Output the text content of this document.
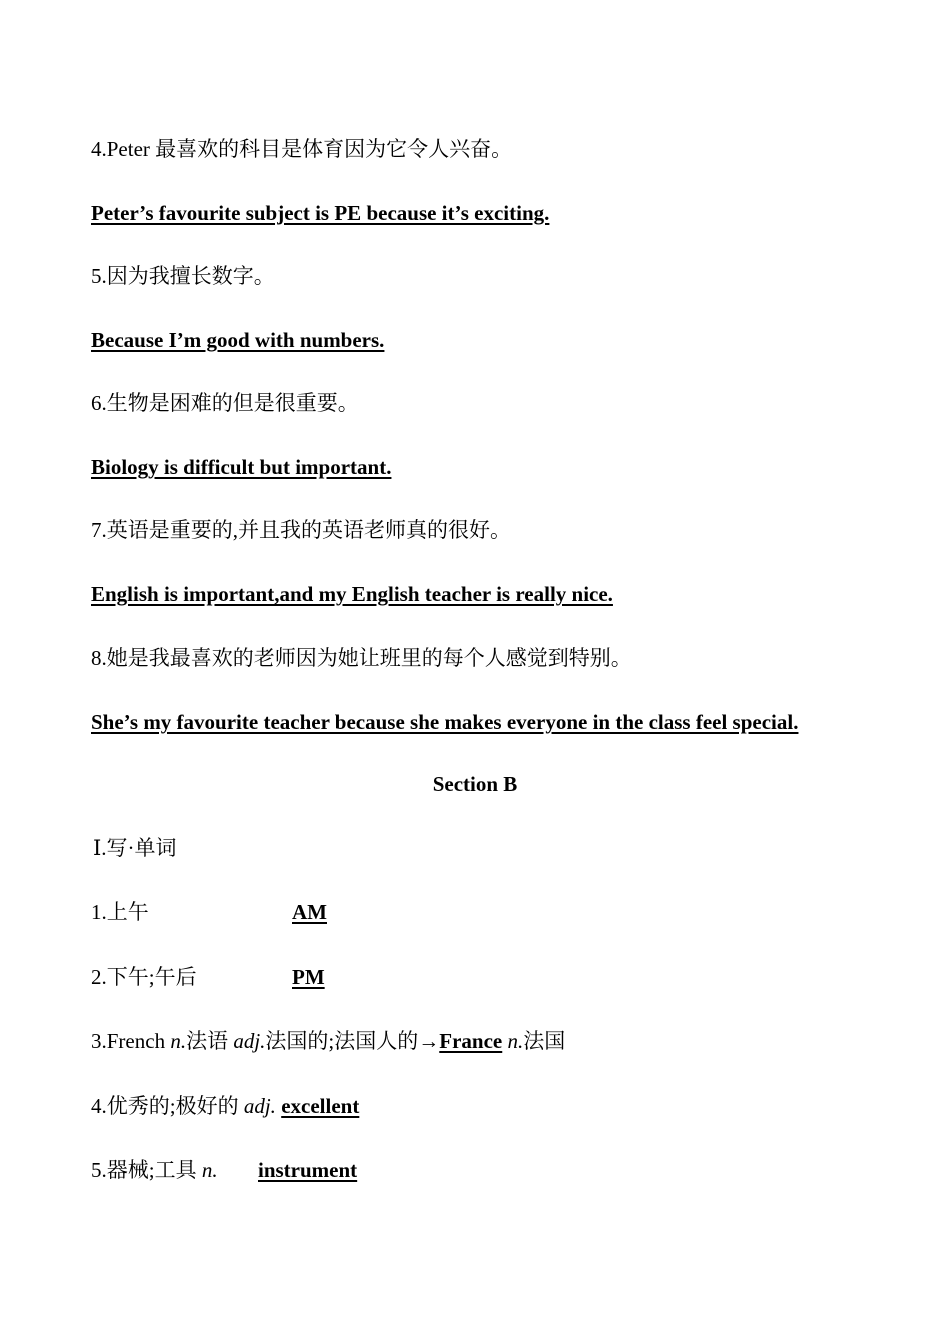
4.Peter 最喜欢的科目是体育因为它令人兴奋。
Peter’s favourite subject is PE because it’s exciting.
5.因为我擅长数字。
Because I’m good with numbers.
6.生物是困难的但是很重要。
Biology is difficult but important.
7.英语是重要的,并且我的英语老师真的很好。
English is important,and my English teacher is really nice.
8.她是我最喜欢的老师因为她让班里的每个人感觉到特别。
She’s my favourite teacher because she makes everyone in the class feel special.
Section B
Ⅰ.写·单词
1.上午	AM
2.下午;午后	PM
3.French n.法语 adj.法国的;法国人的→France n.法国
4.优秀的;极好的 adj. excellent
5.器械;工具 n. instrument
